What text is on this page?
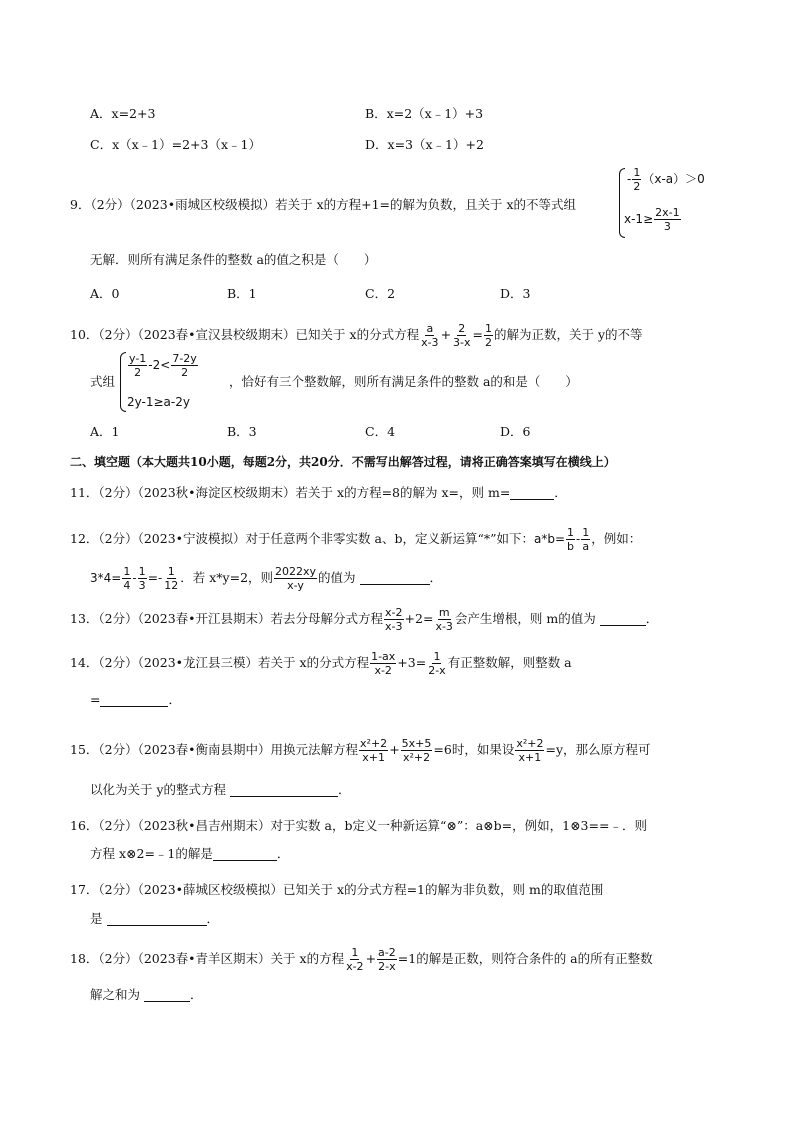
A．x=2+3	B．x=2（x﹣1）+3
C．x（x﹣1）=2+3（x﹣1）	D．x=3（x﹣1）+2
9．（2分）（2023•雨城区校级模拟）若关于 x的方程+1=的解为负数，且关于 x的不等式组
- $\frac{1}{2} (x-a)>0$
$x-1\ge \frac{2x-1}{3}$
无解．则所有满足条件的整数 a的值之积是（　　）
A．0	B．1	C．2	D．3
10．（2分）（2023春•宣汉县校级期末）已知关于 x的分式方程 $\frac{a}{x-3} + \frac{2}{3-x} = \frac{1}{2}$ 的解为正数，关于 y的不等
式组
$\frac{y-1}{2} -2< \frac{7-2y}{2}$
2y-1≥a-2y
，恰好有三个整数解，则所有满足条件的整数 a的和是（　　）
A．1	B．3	C．4	D．6
二、填空题（本大题共10小题，每题2分，共20分．不需写出解答过程，请将正确答案填写在横线上）
11．（2分）（2023秋•海淀区校级期末）若关于 x的方程=8的解为 x=，则 m=	．
12．（2分）（2023•宁波模拟）对于任意两个非零实数 a、b，定义新运算“*”如下：$a*b= \frac{1}{b} - \frac{1}{a}$ ，例如：
$3*4= \frac{1}{4} - \frac{1}{3} =- \frac{1}{12}$ ．若 x*y=2，则 $\frac{2022xy}{x-y}$ 的值为	．
13．（2分）（2023春•开江县期末）若去分母解分式方程 $\frac{x-2}{x-3} +2= \frac{m}{x-3}$ 会产生增根，则 m的值为	．
14．（2分）（2023•龙江县三模）若关于 x的分式方程 $\frac{1-ax}{x-2} +3= \frac{1}{2-x}$ 有正整数解，则整数 a
=	．
15．（2分）（2023春•衡南县期中）用换元法解方程 $\frac{\text{x²+2}}{x+1} + \frac{5x+5}{\text{x²+2}} =6$时，如果设 $\frac{\text{x²+2}}{x+1} =y$，那么原方程可
以化为关于 y的整式方程	．
16．（2分）（2023秋•昌吉州期末）对于实数 a，b定义一种新运算“⊗”：a⊗b=，例如，1⊗3==﹣．则
方程 x⊗2=﹣1的解是	．
17．（2分）（2023•薛城区校级模拟）已知关于 x的分式方程=1的解为非负数，则 m的取值范围
是	．
18．（2分）（2023春•青羊区期末）关于 x的方程 $\frac{1}{x-2} + \frac{a-2}{2-x} =1$的解是正数，则符合条件的 a的所有正整数
解之和为	．
